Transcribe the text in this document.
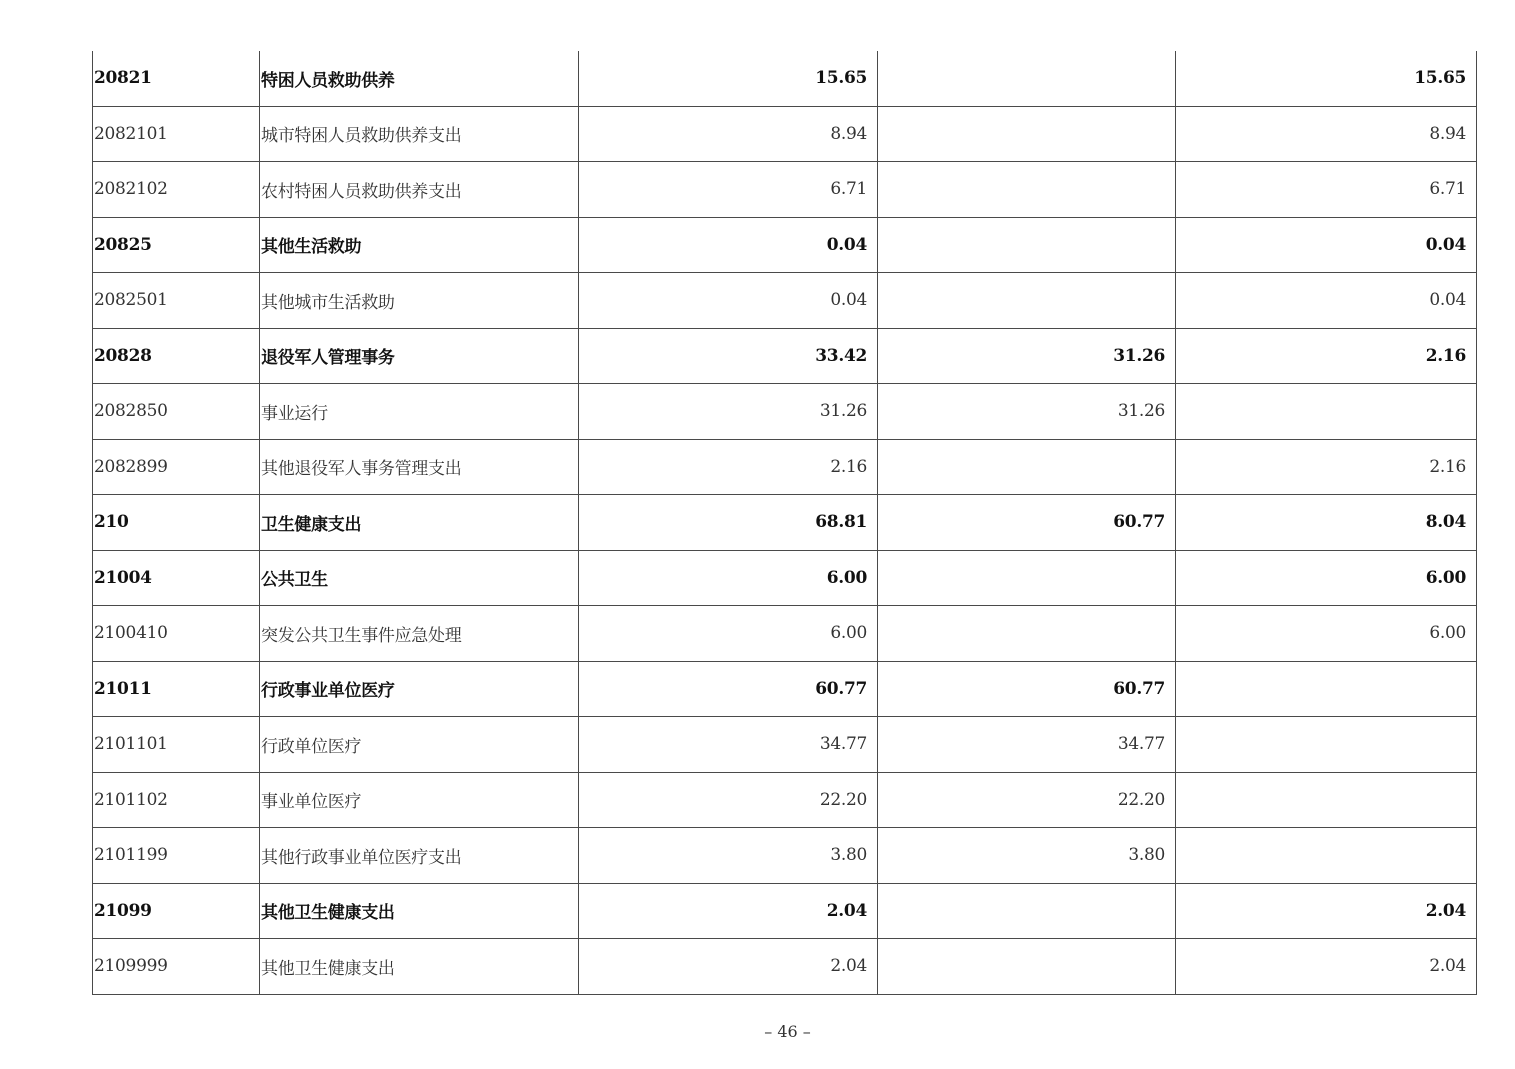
20821	特困人员救助供养	15.65		15.65
2082101	城市特困人员救助供养支出	8.94		8.94
2082102	农村特困人员救助供养支出	6.71		6.71
20825	其他生活救助	0.04		0.04
2082501	其他城市生活救助	0.04		0.04
20828	退役军人管理事务	33.42	31.26	2.16
2082850	事业运行	31.26	31.26	
2082899	其他退役军人事务管理支出	2.16		2.16
210	卫生健康支出	68.81	60.77	8.04
21004	公共卫生	6.00		6.00
2100410	突发公共卫生事件应急处理	6.00		6.00
21011	行政事业单位医疗	60.77	60.77	
2101101	行政单位医疗	34.77	34.77	
2101102	事业单位医疗	22.20	22.20	
2101199	其他行政事业单位医疗支出	3.80	3.80	
21099	其他卫生健康支出	2.04		2.04
2109999	其他卫生健康支出	2.04		2.04
– 46 –
